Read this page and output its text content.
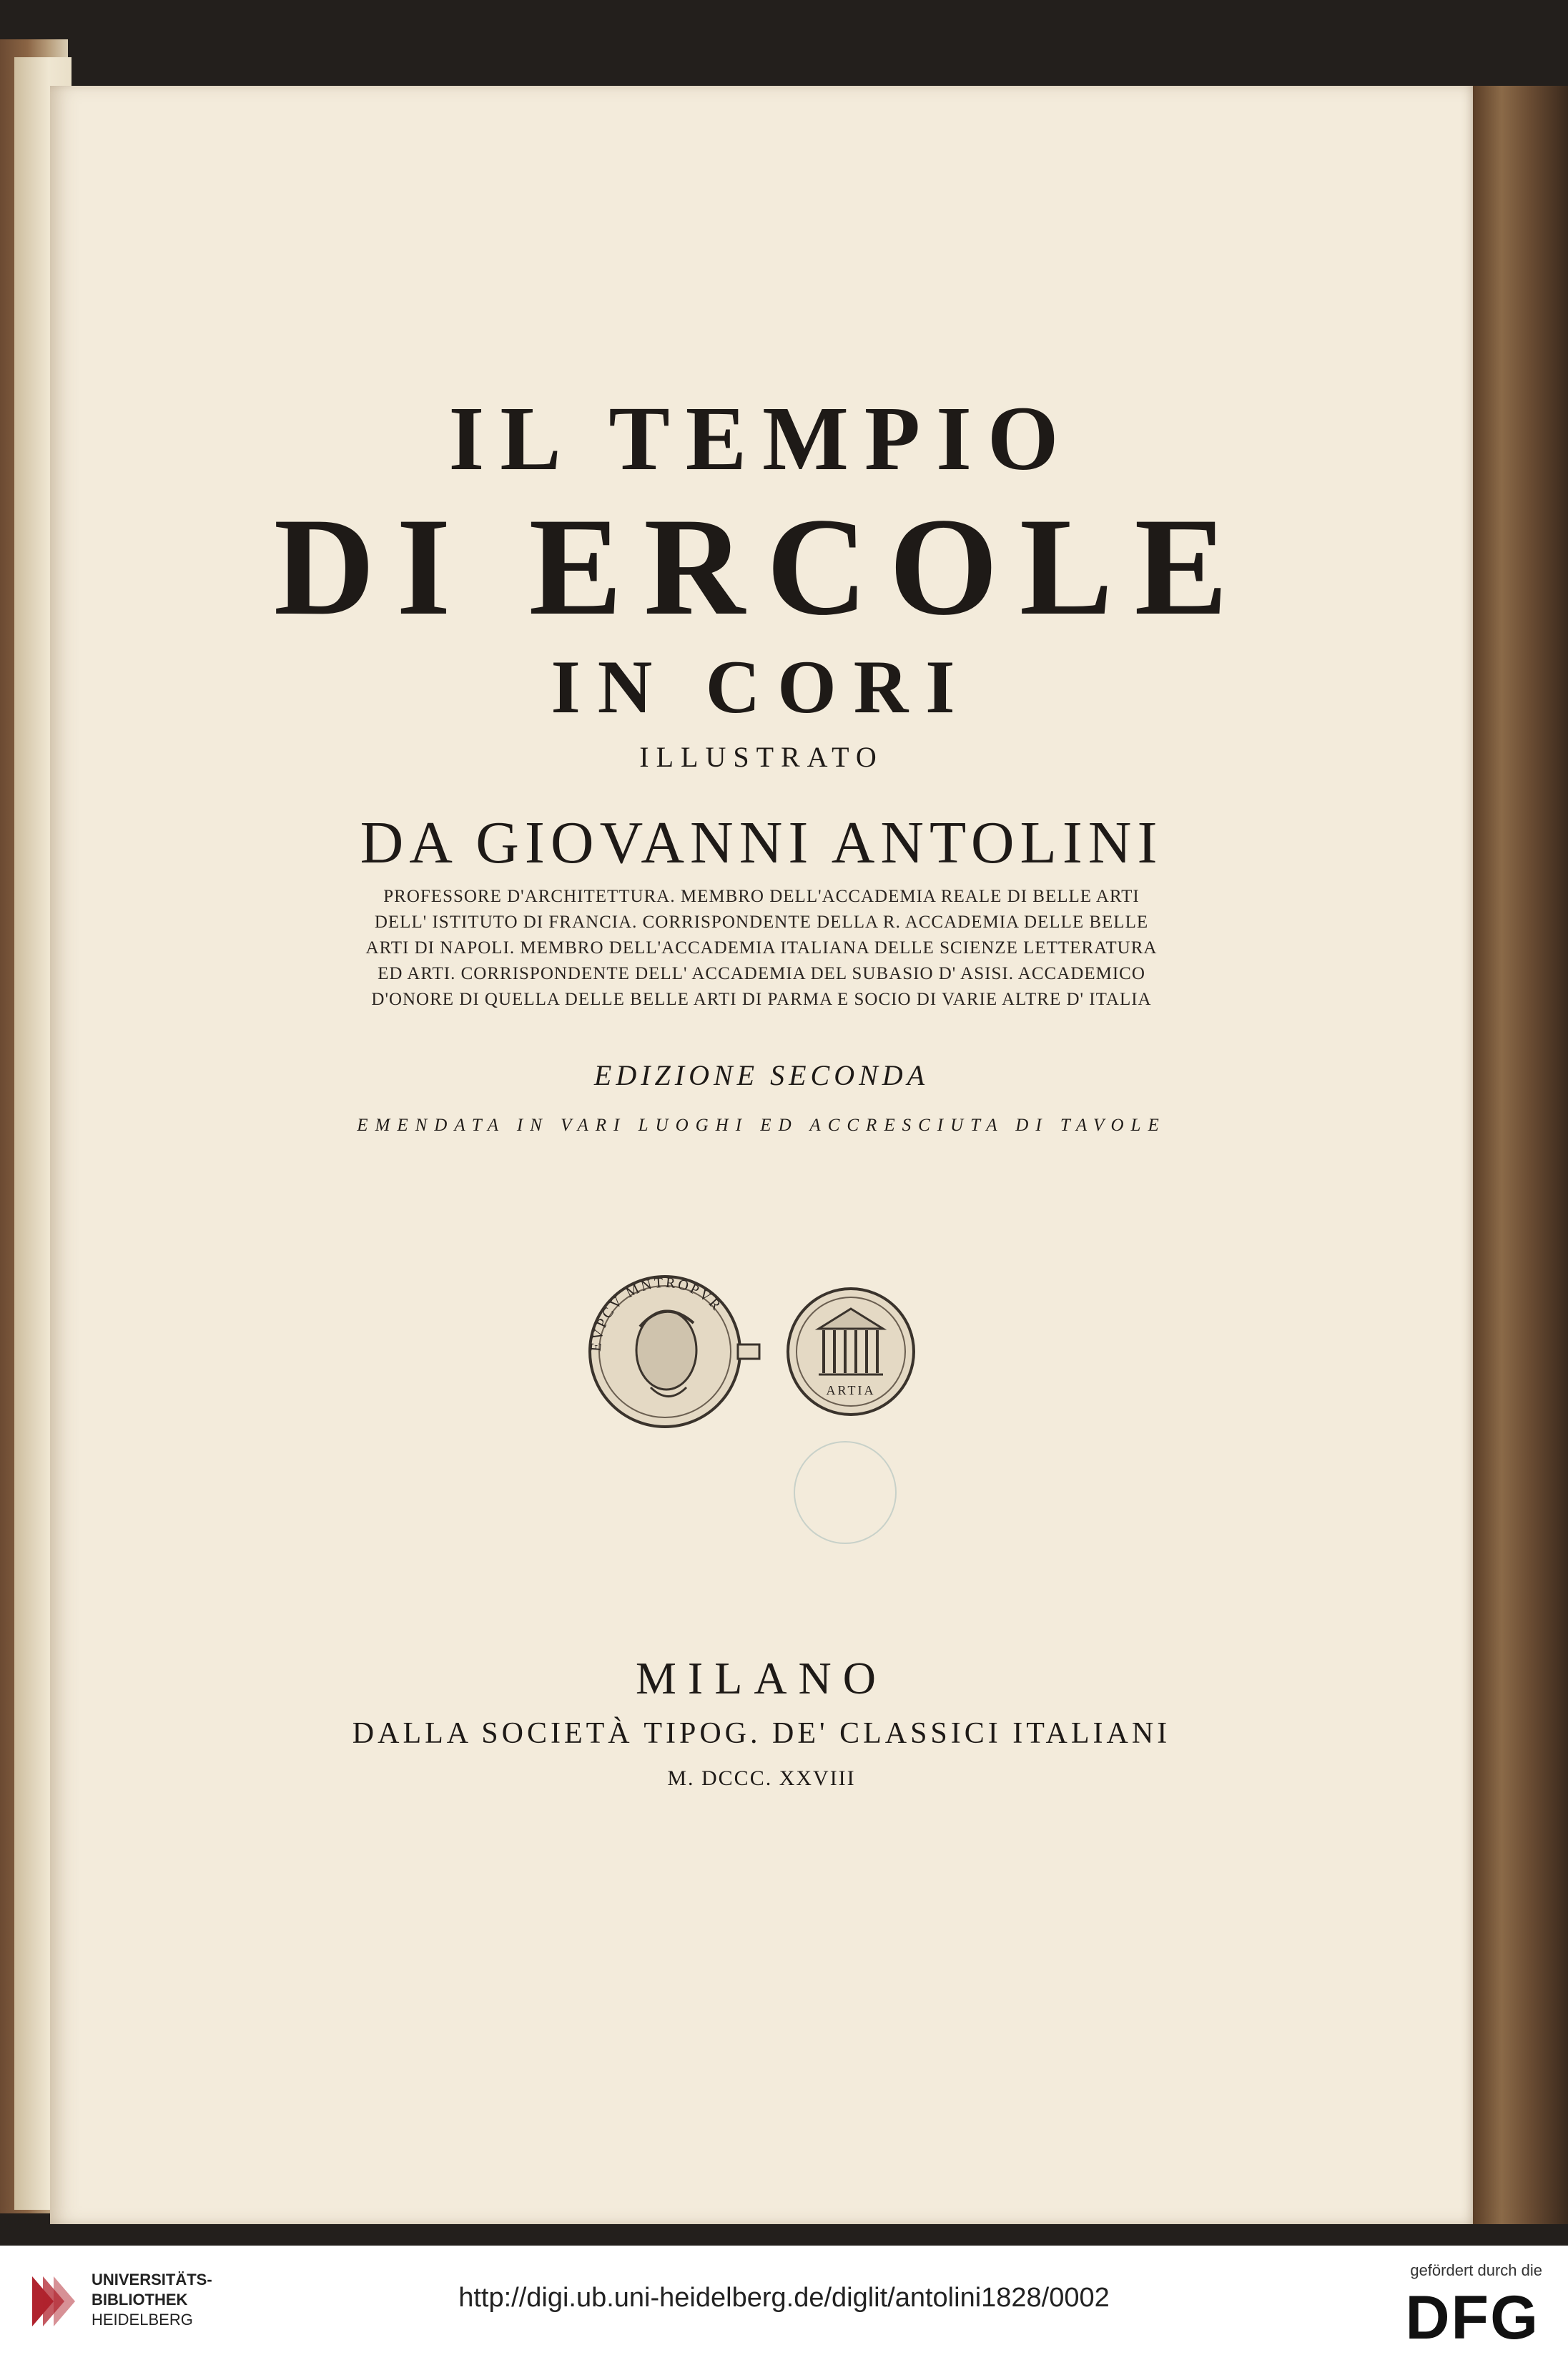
IL TEMPIO
DI ERCOLE
IN CORI
ILLUSTRATO
DA GIOVANNI ANTOLINI
PROFESSORE D'ARCHITETTURA. MEMBRO DELL'ACCADEMIA REALE DI BELLE ARTI
DELL' ISTITUTO DI FRANCIA. CORRISPONDENTE DELLA R. ACCADEMIA DELLE BELLE
ARTI DI NAPOLI. MEMBRO DELL'ACCADEMIA ITALIANA DELLE SCIENZE LETTERATURA
ED ARTI. CORRISPONDENTE DELL' ACCADEMIA DEL SUBASIO D' ASISI. ACCADEMICO
D'ONORE DI QUELLA DELLE BELLE ARTI DI PARMA E SOCIO DI VARIE ALTRE D' ITALIA
EDIZIONE SECONDA
EMENDATA IN VARI LUOGHI ED ACCRESCIUTA DI TAVOLE
EVPCV MNTROPVR
ARTIA
MILANO
DALLA SOCIETÀ TIPOG. DE' CLASSICI ITALIANI
M. DCCC. XXVIII
UNIVERSITÄTS-
BIBLIOTHEK
HEIDELBERG
http://digi.ub.uni-heidelberg.de/diglit/antolini1828/0002
gefördert durch die
DFG
